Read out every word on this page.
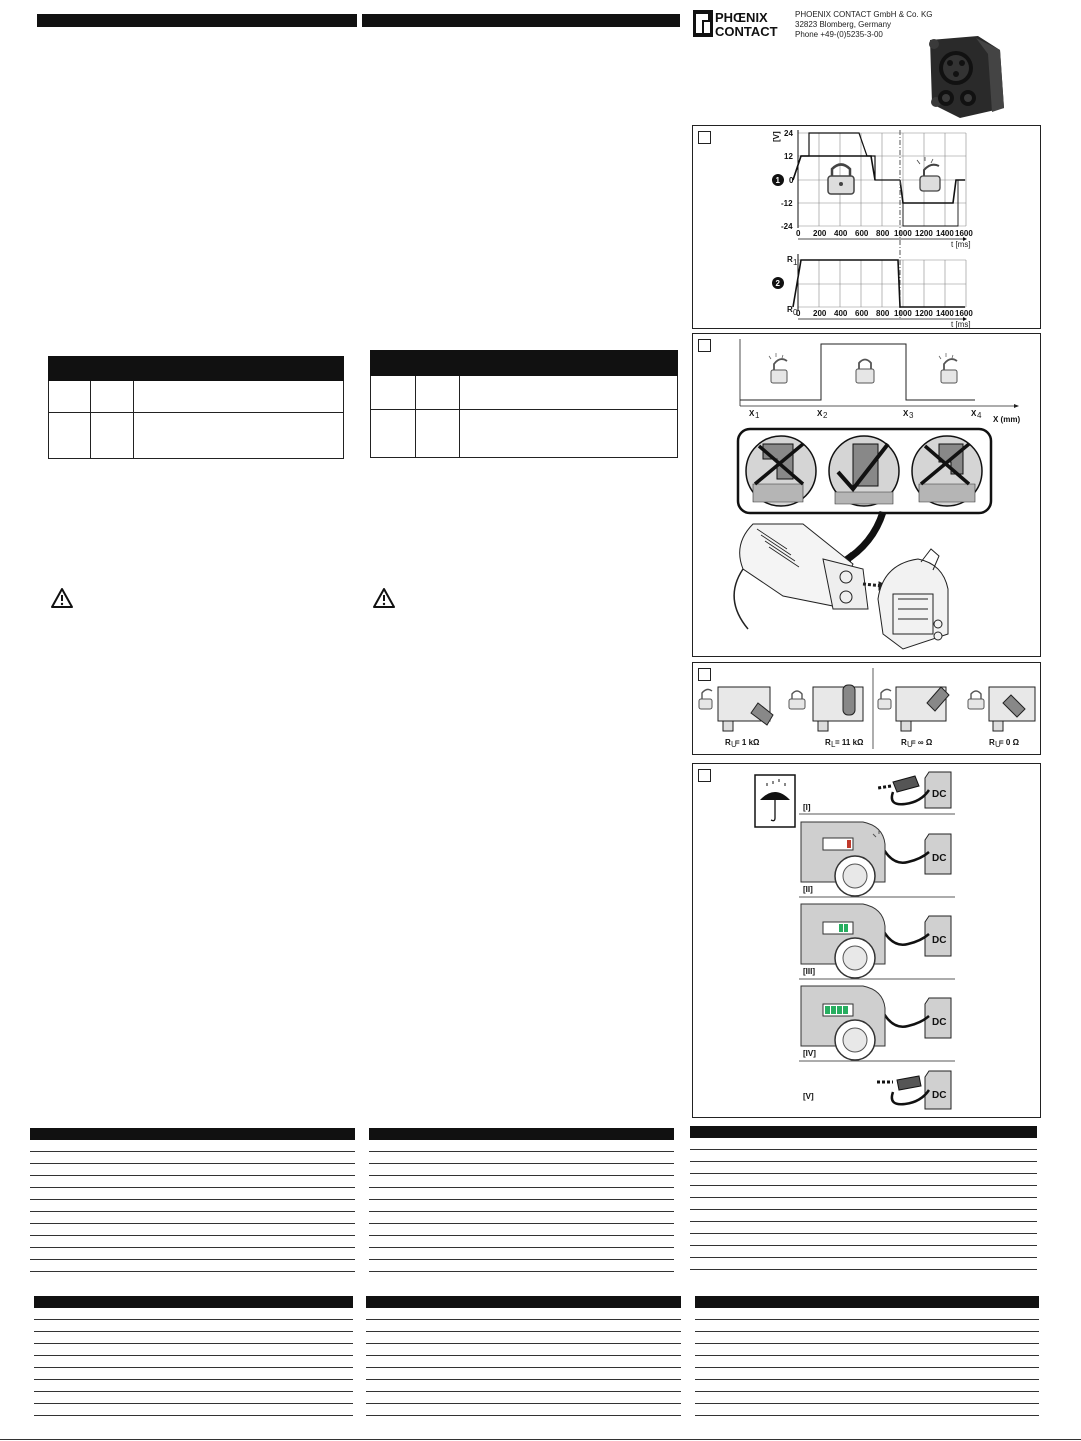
PHŒNIX
CONTACT
PHOENIX CONTACT GmbH & Co. KG
32823 Blomberg, Germany
Phone +49-(0)5235-3-00
[V] 24
12
0
-12
-24
0 200 400 600 800 1000 1200 1400 1600
t [ms]
1
R 1
R 0
2
0 200 400 600 800 1000 1200 1400 1600
t [ms]
X 1	X 2	X 3	X 4 X (mm)
R U
= 1 kΩ	R L = 11 kΩ	R U
= ∞ Ω	R U
= 0 Ω
[I]
[II]
[III]
[IV]
[V]
DC
DC
DC
DC
DC
